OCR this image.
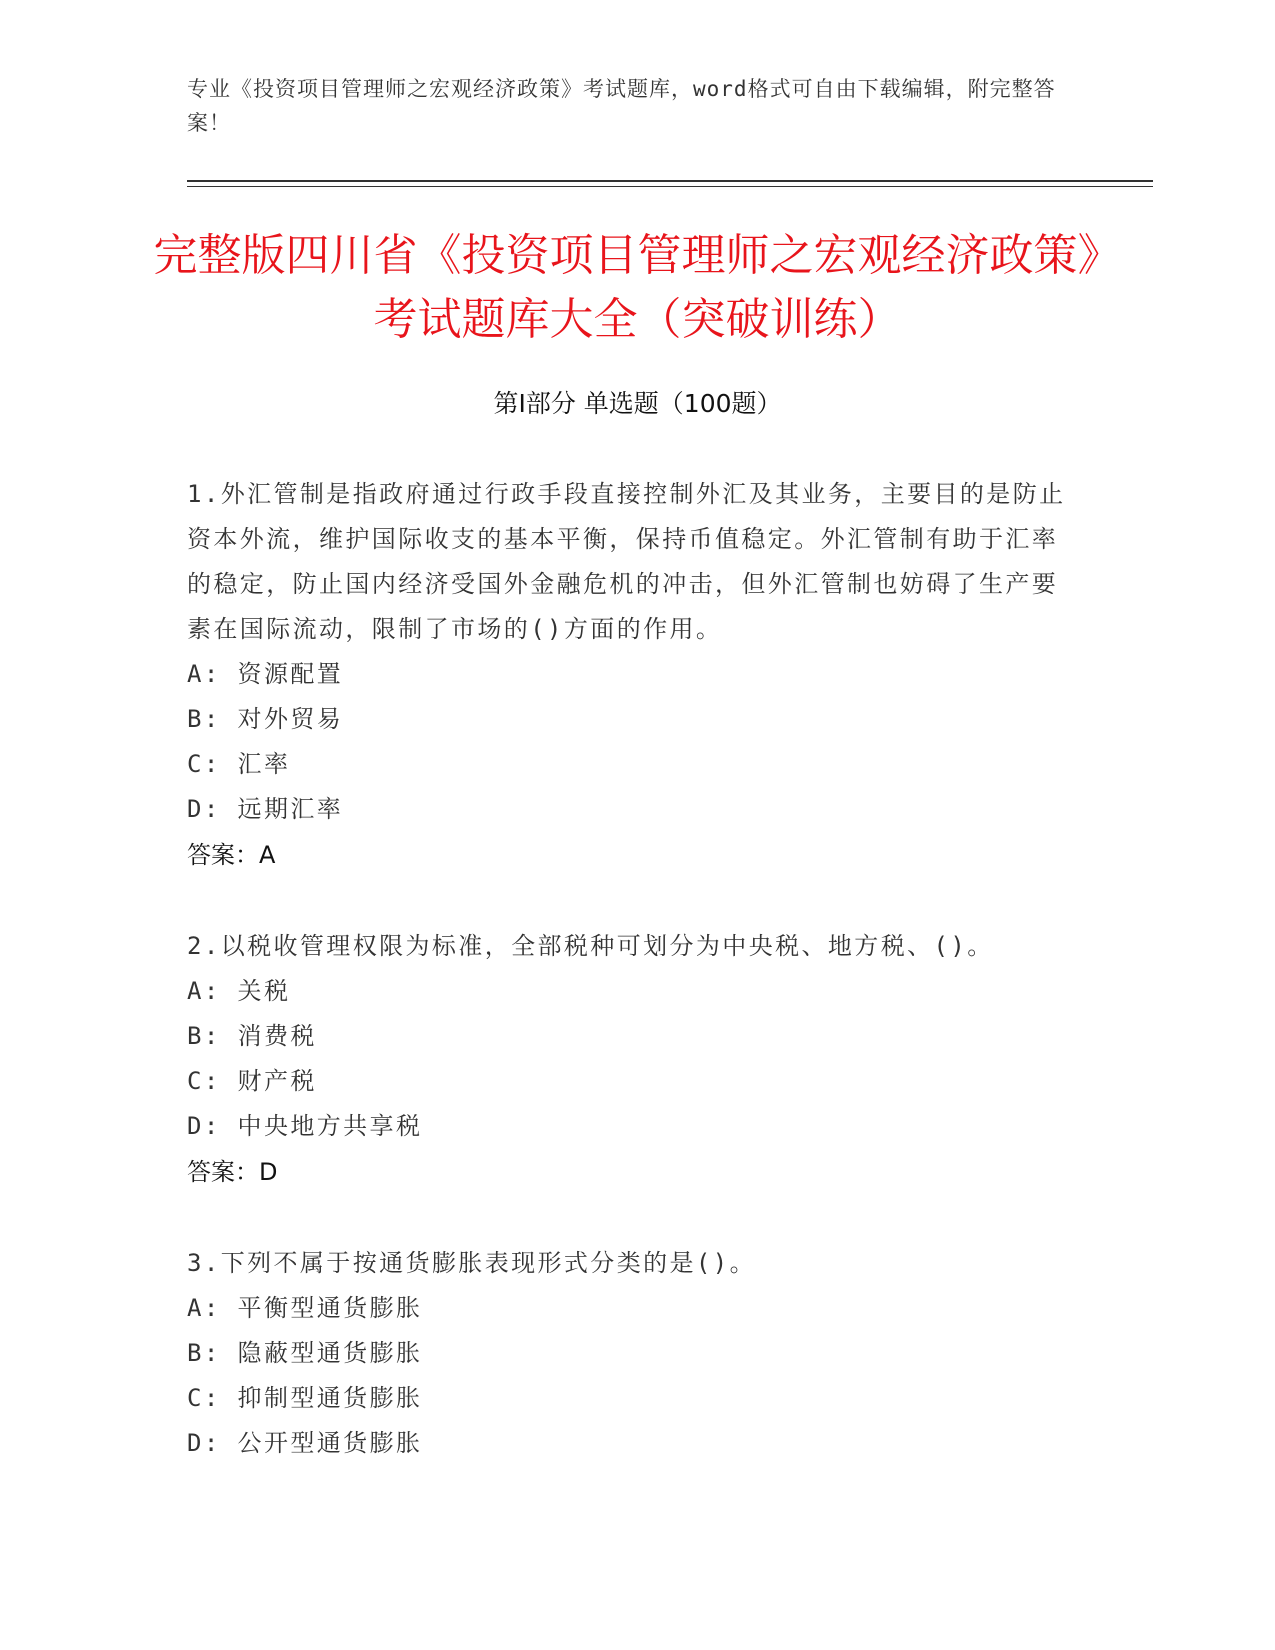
专业《投资项目管理师之宏观经济政策》考试题库，word格式可自由下载编辑，附完整答案！
完整版四川省《投资项目管理师之宏观经济政策》考试题库大全（突破训练）
第Ⅰ部分 单选题（100题）
1.外汇管制是指政府通过行政手段直接控制外汇及其业务，主要目的是防止资本外流，维护国际收支的基本平衡，保持币值稳定。外汇管制有助于汇率的稳定，防止国内经济受国外金融危机的冲击，但外汇管制也妨碍了生产要素在国际流动，限制了市场的()方面的作用。
A: 资源配置
B: 对外贸易
C: 汇率
D: 远期汇率
答案：A
2.以税收管理权限为标准，全部税种可划分为中央税、地方税、()。
A: 关税
B: 消费税
C: 财产税
D: 中央地方共享税
答案：D
3.下列不属于按通货膨胀表现形式分类的是()。
A: 平衡型通货膨胀
B: 隐蔽型通货膨胀
C: 抑制型通货膨胀
D: 公开型通货膨胀
